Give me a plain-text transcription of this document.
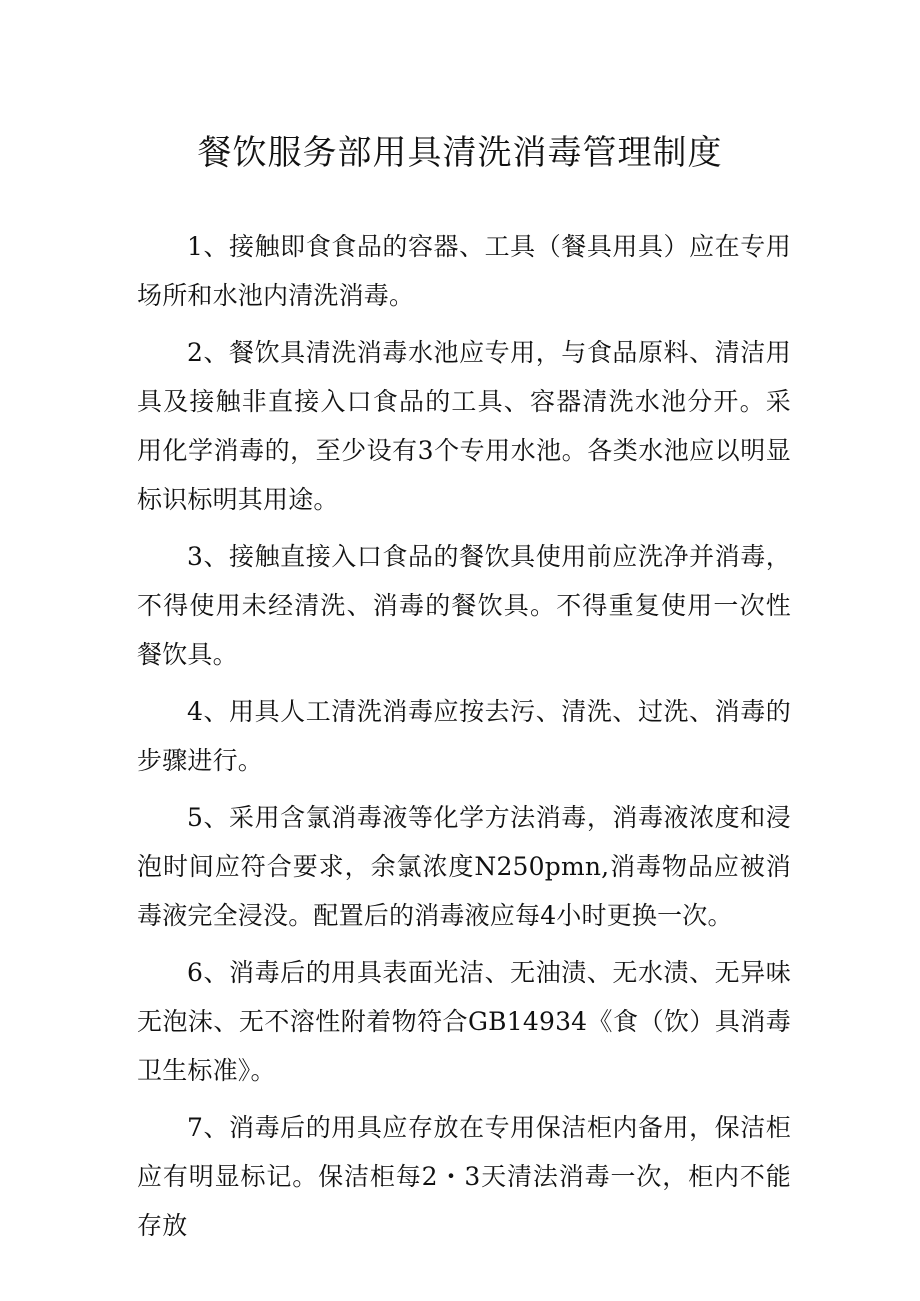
餐饮服务部用具清洗消毒管理制度

1、接触即食食品的容器、工具（餐具用具）应在专用场所和水池内清洗消毒。

2、餐饮具清洗消毒水池应专用，与食品原料、清洁用具及接触非直接入口食品的工具、容器清洗水池分开。采用化学消毒的，至少设有3个专用水池。各类水池应以明显标识标明其用途。

3、接触直接入口食品的餐饮具使用前应洗净并消毒，不得使用未经清洗、消毒的餐饮具。不得重复使用一次性餐饮具。

4、用具人工清洗消毒应按去污、清洗、过洗、消毒的步骤进行。

5、采用含氯消毒液等化学方法消毒，消毒液浓度和浸泡时间应符合要求，余氯浓度N250pmn,消毒物品应被消毒液完全浸没。配置后的消毒液应每4小时更换一次。

6、消毒后的用具表面光洁、无油渍、无水渍、无异味无泡沫、无不溶性附着物符合GB14934《食（饮）具消毒卫生标准》。

7、消毒后的用具应存放在专用保洁柜内备用，保洁柜应有明显标记。保洁柜每2・3天清法消毒一次，柜内不能存放
